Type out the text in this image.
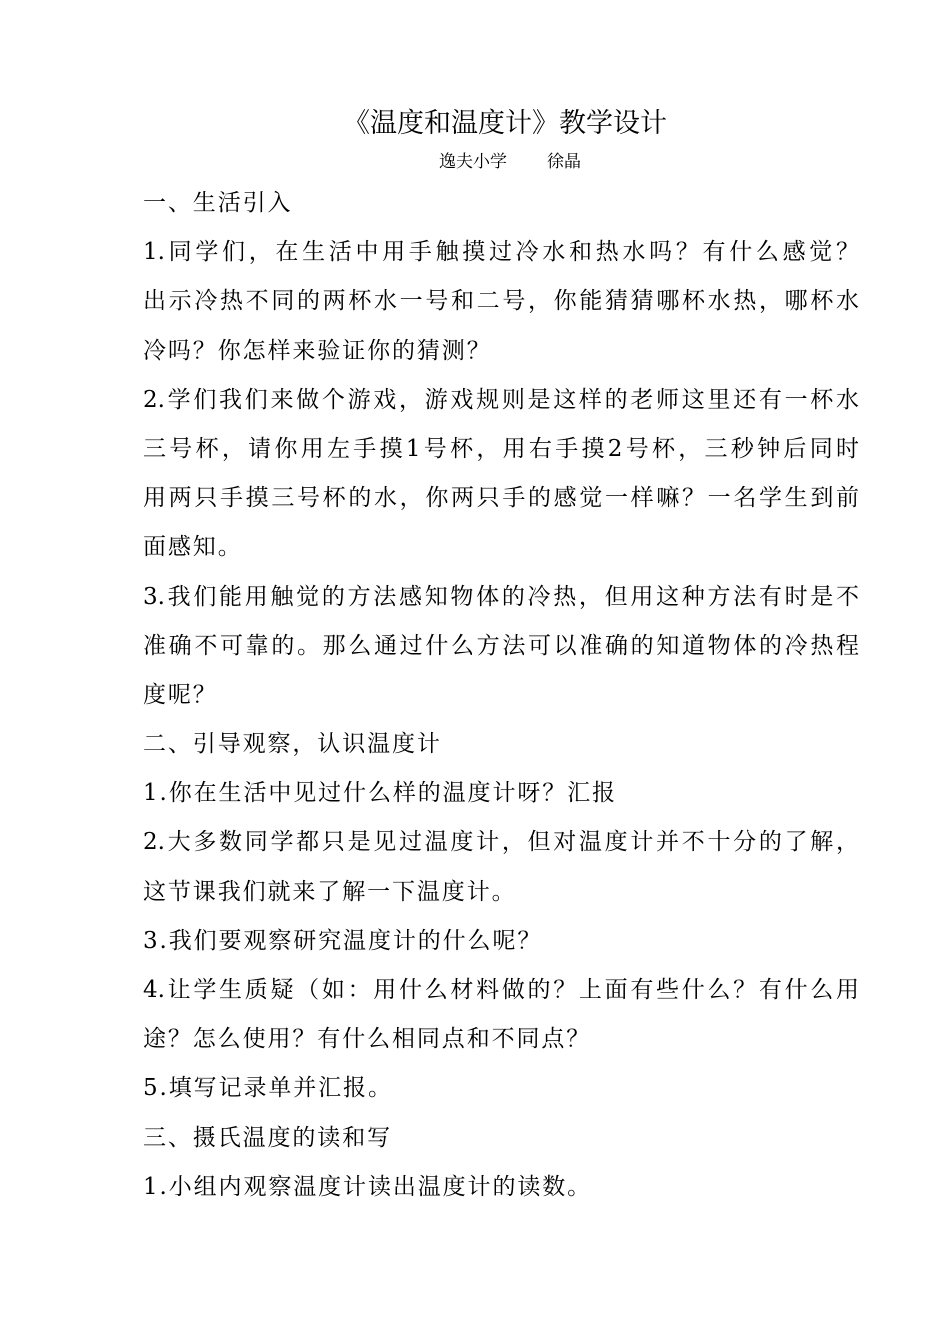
《温度和温度计》教学设计
逸夫小学 徐晶
一、生活引入
1.同学们，在生活中用手触摸过冷水和热水吗？有什么感觉？
出示冷热不同的两杯水一号和二号，你能猜猜哪杯水热，哪杯水
冷吗？你怎样来验证你的猜测？
2.学们我们来做个游戏，游戏规则是这样的老师这里还有一杯水
三号杯，请你用左手摸1号杯，用右手摸2号杯，三秒钟后同时
用两只手摸三号杯的水，你两只手的感觉一样嘛？一名学生到前
面感知。
3.我们能用触觉的方法感知物体的冷热，但用这种方法有时是不
准确不可靠的。那么通过什么方法可以准确的知道物体的冷热程
度呢？
二、引导观察，认识温度计
1.你在生活中见过什么样的温度计呀？汇报
2.大多数同学都只是见过温度计，但对温度计并不十分的了解，
这节课我们就来了解一下温度计。
3.我们要观察研究温度计的什么呢？
4.让学生质疑（如：用什么材料做的？上面有些什么？有什么用
途？怎么使用？有什么相同点和不同点？
5.填写记录单并汇报。
三、摄氏温度的读和写
1.小组内观察温度计读出温度计的读数。
